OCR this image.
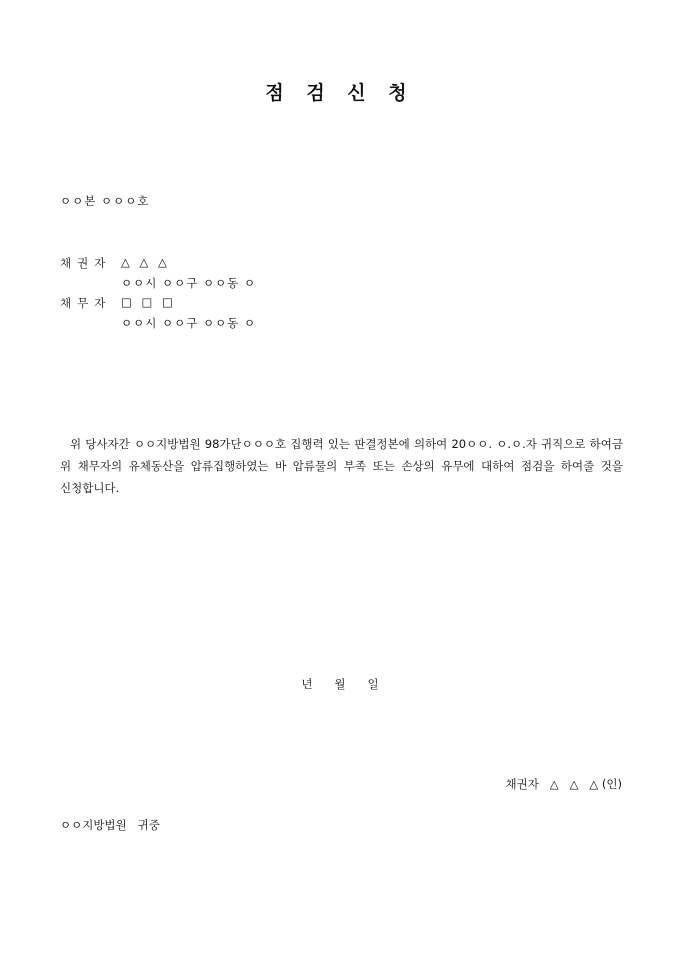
점 검 신 청
ㅇㅇ본 ㅇㅇㅇ호
채권자 △ △ △
ㅇㅇ시 ㅇㅇ구 ㅇㅇ동 ㅇ
채무자 □ □ □
ㅇㅇ시 ㅇㅇ구 ㅇㅇ동 ㅇ
위 당사자간 ㅇㅇ지방법원 98가단ㅇㅇㅇ호 집행력 있는 판결정본에 의하여 20ㅇㅇ. ㅇ.ㅇ.자 귀직으로 하여금 위 채무자의 유체동산을 압류집행하였는 바 압류물의 부족 또는 손상의 유무에 대하여 점검을 하여줄 것을 신청합니다.
년      월      일
채권자   △   △   △ (인)
ㅇㅇ지방법원   귀중
